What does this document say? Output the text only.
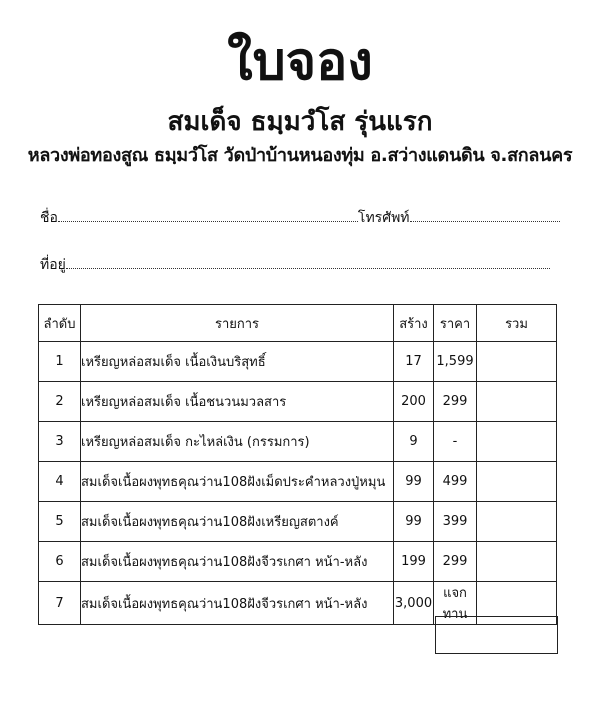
ใบจอง
สมเด็จ ธมฺมวํโส รุ่นแรก
หลวงพ่อทองสูณ ธมฺมวํโส วัดป่าบ้านหนองทุ่ม อ.สว่างแดนดิน จ.สกลนคร
ชื่อ	โทรศัพท์
ที่อยู่
ลำดับ	รายการ	สร้าง	ราคา	รวม
1	เหรียญหล่อสมเด็จ เนื้อเงินบริสุทธิ์	17	1,599	
2	เหรียญหล่อสมเด็จ เนื้อชนวนมวลสาร	200	299	
3	เหรียญหล่อสมเด็จ กะไหล่เงิน (กรรมการ)	9	-	
4	สมเด็จเนื้อผงพุทธคุณว่าน108ฝังเม็ดประคำหลวงปู่หมุน	99	499	
5	สมเด็จเนื้อผงพุทธคุณว่าน108ฝังเหรียญสตางค์	99	399	
6	สมเด็จเนื้อผงพุทธคุณว่าน108ฝังจีวรเกศา หน้า-หลัง	199	299	
7	สมเด็จเนื้อผงพุทธคุณว่าน108ฝังจีวรเกศา หน้า-หลัง	3,000	แจกทาน	
